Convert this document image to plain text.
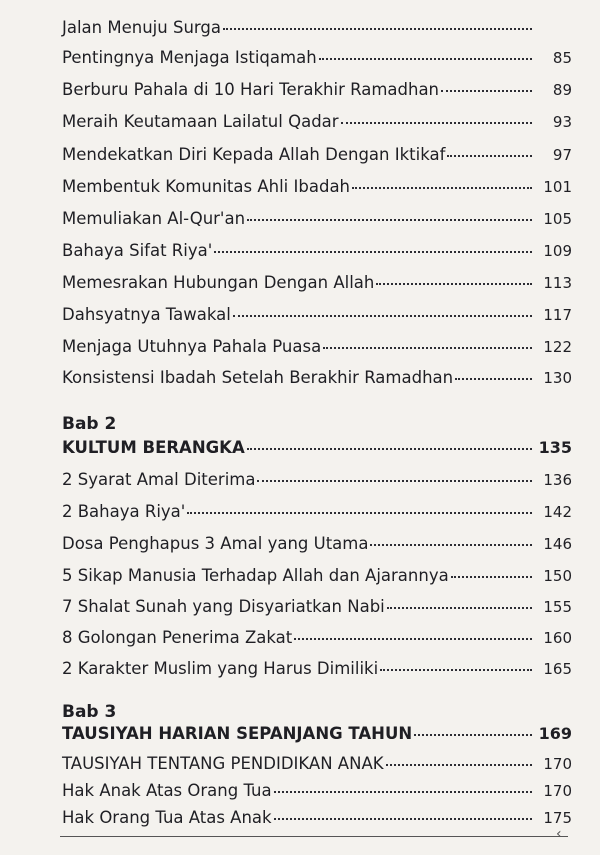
Jalan Menuju Surga
Pentingnya Menjaga Istiqamah	85
Berburu Pahala di 10 Hari Terakhir Ramadhan	89
Meraih Keutamaan Lailatul Qadar	93
Mendekatkan Diri Kepada Allah Dengan Iktikaf	97
Membentuk Komunitas Ahli Ibadah	101
Memuliakan Al-Qur'an	105
Bahaya Sifat Riya'	109
Memesrakan Hubungan Dengan Allah	113
Dahsyatnya Tawakal	117
Menjaga Utuhnya Pahala Puasa	122
Konsistensi Ibadah Setelah Berakhir Ramadhan	130
Bab 2
KULTUM BERANGKA	135
2 Syarat Amal Diterima	136
2 Bahaya Riya'	142
Dosa Penghapus 3 Amal yang Utama	146
5 Sikap Manusia Terhadap Allah dan Ajarannya	150
7 Shalat Sunah yang Disyariatkan Nabi	155
8 Golongan Penerima Zakat	160
2 Karakter Muslim yang Harus Dimiliki	165
Bab 3
TAUSIYAH HARIAN SEPANJANG TAHUN	169
TAUSIYAH TENTANG PENDIDIKAN ANAK	170
Hak Anak Atas Orang Tua	170
Hak Orang Tua Atas Anak	175
‹
